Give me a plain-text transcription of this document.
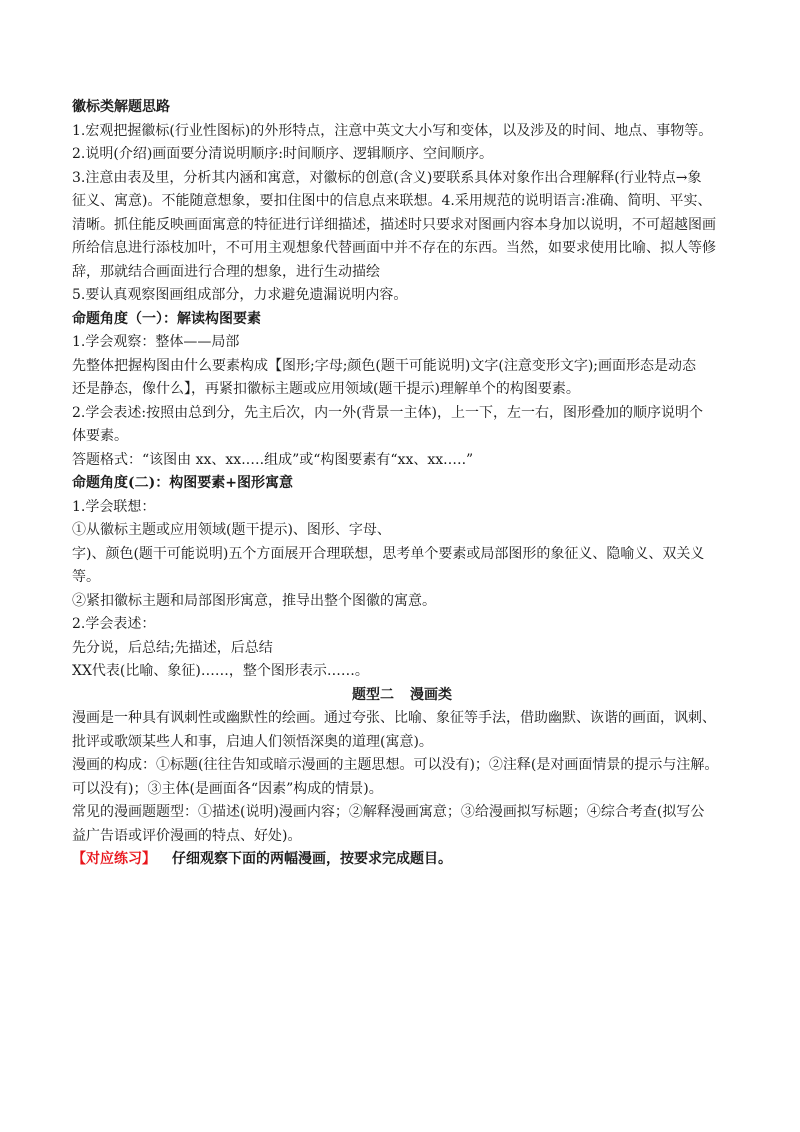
徽标类解题思路
1.宏观把握徽标(行业性图标)的外形特点，注意中英文大小写和变体，以及涉及的时间、地点、事物等。
2.说明(介绍)画面要分清说明顺序:时间顺序、逻辑顺序、空间顺序。
3.注意由表及里，分析其内涵和寓意，对徽标的创意(含义)要联系具体对象作出合理解释(行业特点→象
征义、寓意)。不能随意想象，要扣住图中的信息点来联想。4.采用规范的说明语言:准确、简明、平实、
清晰。抓住能反映画面寓意的特征进行详细描述，描述时只要求对图画内容本身加以说明，不可超越图画
所给信息进行添枝加叶，不可用主观想象代替画面中并不存在的东西。当然，如要求使用比喻、拟人等修
辞，那就结合画面进行合理的想象，进行生动描绘
5.要认真观察图画组成部分，力求避免遗漏说明内容。
命题角度（一）：解读构图要素
1.学会观察：整体——局部
先整体把握构图由什么要素构成【图形;字母;颜色(题干可能说明)文字(注意变形文字);画面形态是动态
还是静态，像什么】，再紧扣徽标主题或应用领域(题干提示)理解单个的构图要素。
2.学会表述:按照由总到分，先主后次，内一外(背景一主体)，上一下，左一右，图形叠加的顺序说明个
体要素。
答题格式：“该图由 xx、xx.….组成”或“构图要素有“xx、xx.….”
命题角度(二)：构图要素+图形寓意
1.学会联想：
①从徽标主题或应用领域(题干提示)、图形、字母、
字)、颜色(题干可能说明)五个方面展开合理联想，思考单个要素或局部图形的象征义、隐喻义、双关义
等。
②紧扣徽标主题和局部图形寓意，推导出整个图徽的寓意。
2.学会表述：
先分说，后总结;先描述，后总结
XX代表(比喻、象征)……，整个图形表示……。
题型二 漫画类
漫画是一种具有讽刺性或幽默性的绘画。通过夸张、比喻、象征等手法，借助幽默、诙谐的画面，讽刺、
批评或歌颂某些人和事，启迪人们领悟深奥的道理(寓意)。
漫画的构成：①标题(往往告知或暗示漫画的主题思想。可以没有)；②注释(是对画面情景的提示与注解。
可以没有)；③主体(是画面各“因素”构成的情景)。
常见的漫画题题型：①描述(说明)漫画内容；②解释漫画寓意；③给漫画拟写标题；④综合考查(拟写公
益广告语或评价漫画的特点、好处)。
【对应练习】 仔细观察下面的两幅漫画，按要求完成题目。
